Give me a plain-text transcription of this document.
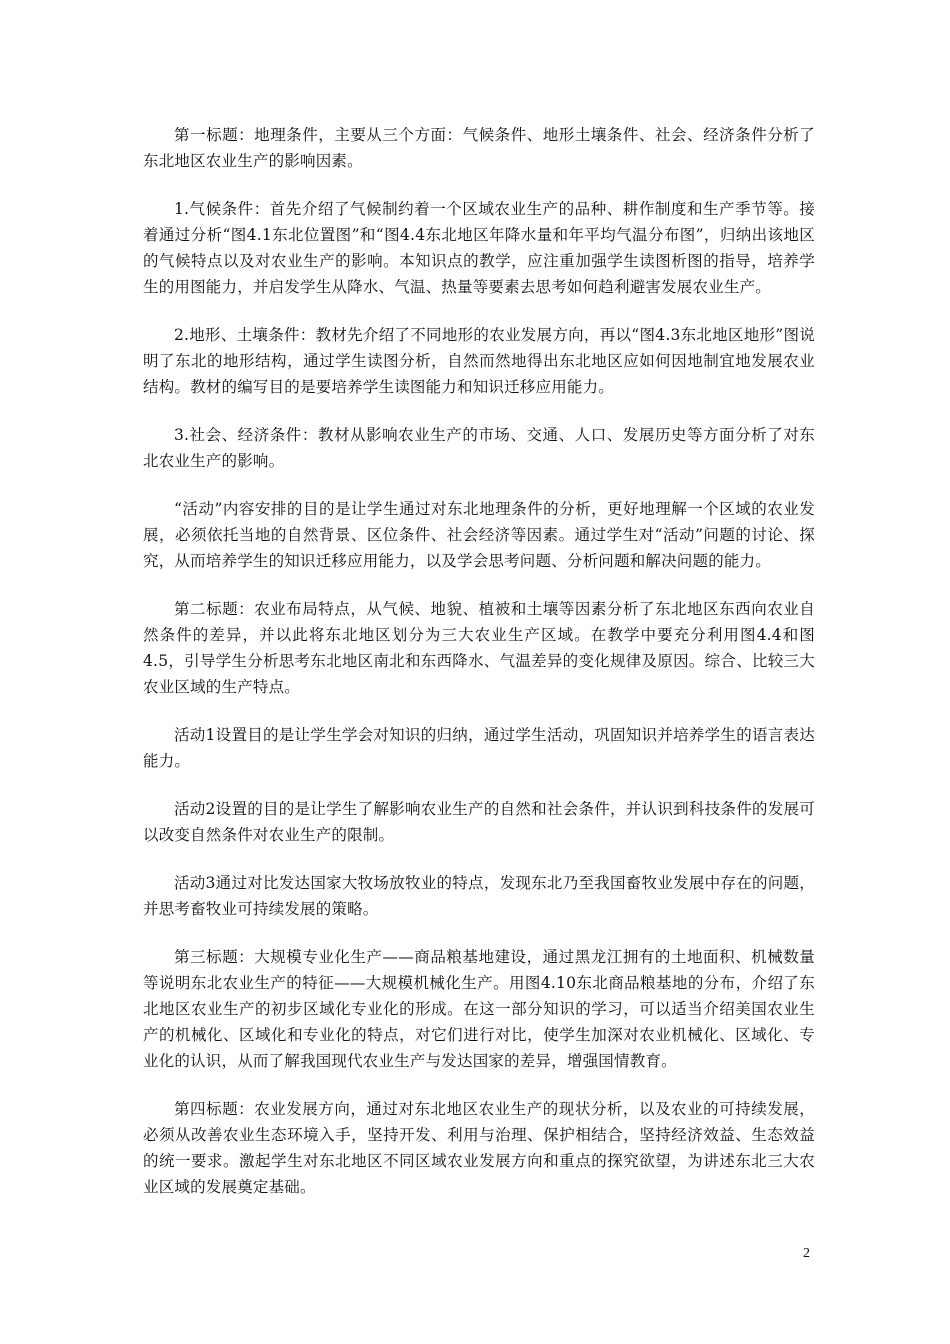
第一标题：地理条件，主要从三个方面：气候条件、地形土壤条件、社会、经济条件分析了东北地区农业生产的影响因素。

1.气候条件：首先介绍了气候制约着一个区域农业生产的品种、耕作制度和生产季节等。接着通过分析“图4.1东北位置图”和“图4.4东北地区年降水量和年平均气温分布图”，归纳出该地区的气候特点以及对农业生产的影响。本知识点的教学，应注重加强学生读图析图的指导，培养学生的用图能力，并启发学生从降水、气温、热量等要素去思考如何趋利避害发展农业生产。

2.地形、土壤条件：教材先介绍了不同地形的农业发展方向，再以“图4.3东北地区地形”图说明了东北的地形结构，通过学生读图分析，自然而然地得出东北地区应如何因地制宜地发展农业结构。教材的编写目的是要培养学生读图能力和知识迁移应用能力。

3.社会、经济条件：教材从影响农业生产的市场、交通、人口、发展历史等方面分析了对东北农业生产的影响。

“活动”内容安排的目的是让学生通过对东北地理条件的分析，更好地理解一个区域的农业发展，必须依托当地的自然背景、区位条件、社会经济等因素。通过学生对“活动”问题的讨论、探究，从而培养学生的知识迁移应用能力，以及学会思考问题、分析问题和解决问题的能力。

第二标题：农业布局特点，从气候、地貌、植被和土壤等因素分析了东北地区东西向农业自然条件的差异，并以此将东北地区划分为三大农业生产区域。在教学中要充分利用图4.4和图4.5，引导学生分析思考东北地区南北和东西降水、气温差异的变化规律及原因。综合、比较三大农业区域的生产特点。

活动1设置目的是让学生学会对知识的归纳，通过学生活动，巩固知识并培养学生的语言表达能力。

活动2设置的目的是让学生了解影响农业生产的自然和社会条件，并认识到科技条件的发展可以改变自然条件对农业生产的限制。

活动3通过对比发达国家大牧场放牧业的特点，发现东北乃至我国畜牧业发展中存在的问题，并思考畜牧业可持续发展的策略。

第三标题：大规模专业化生产——商品粮基地建设，通过黑龙江拥有的土地面积、机械数量等说明东北农业生产的特征——大规模机械化生产。用图4.10东北商品粮基地的分布，介绍了东北地区农业生产的初步区域化专业化的形成。在这一部分知识的学习，可以适当介绍美国农业生产的机械化、区域化和专业化的特点，对它们进行对比，使学生加深对农业机械化、区域化、专业化的认识，从而了解我国现代农业生产与发达国家的差异，增强国情教育。

第四标题：农业发展方向，通过对东北地区农业生产的现状分析，以及农业的可持续发展，必须从改善农业生态环境入手，坚持开发、利用与治理、保护相结合，坚持经济效益、生态效益的统一要求。激起学生对东北地区不同区域农业发展方向和重点的探究欲望，为讲述东北三大农业区域的发展奠定基础。

2
